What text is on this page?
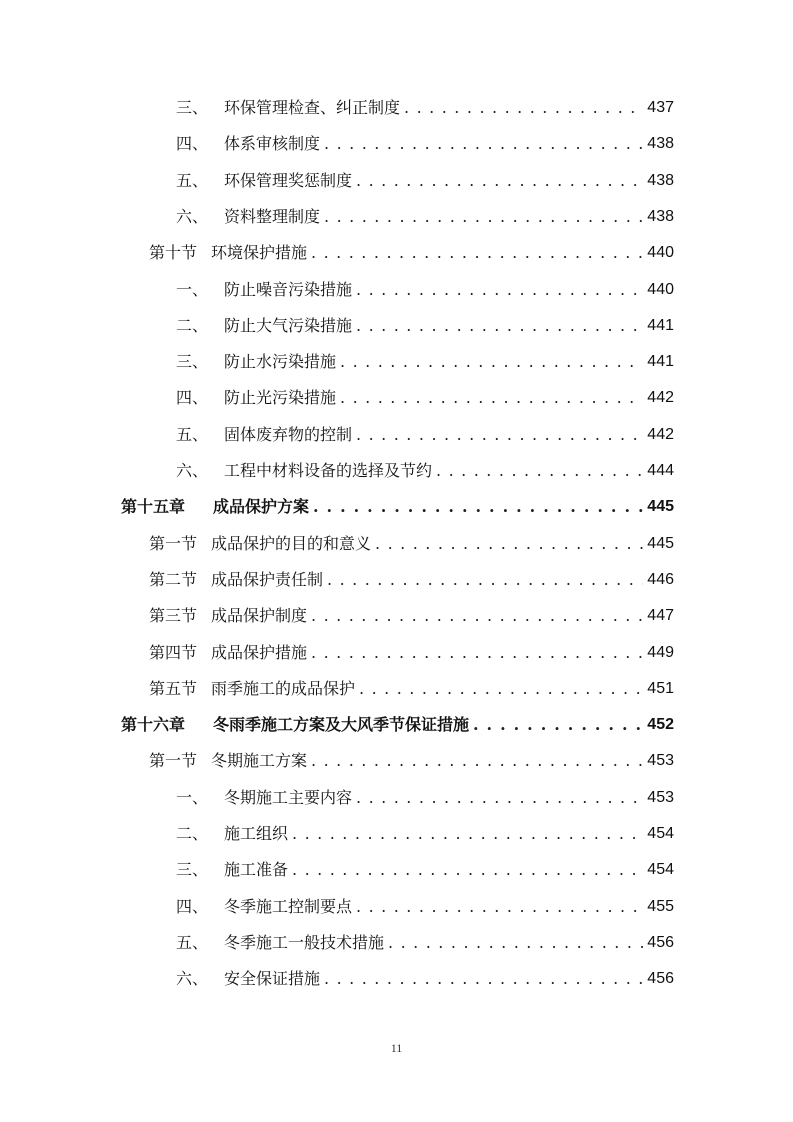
三、 环保管理检查、纠正制度 . . .	437
四、 体系审核制度 . . .	438
五、 环保管理奖惩制度 . . .	438
六、 资料整理制度 . . .	438
第十节 环境保护措施 . . .	440
一、 防止噪音污染措施 . . .	440
二、 防止大气污染措施 . . .	441
三、 防止水污染措施 . . .	441
四、 防止光污染措施 . . .	442
五、 固体废弃物的控制 . . .	442
六、 工程中材料设备的选择及节约 . . .	444
第十五章	成品保护方案 . . .	445
第一节 成品保护的目的和意义 . . .	445
第二节 成品保护责任制 . . .	446
第三节 成品保护制度 . . .	447
第四节 成品保护措施 . . .	449
第五节 雨季施工的成品保护 . . .	451
第十六章	冬雨季施工方案及大风季节保证措施 . . .	452
第一节 冬期施工方案 . . .	453
一、 冬期施工主要内容 . . .	453
二、 施工组织 . . .	454
三、 施工准备 . . .	454
四、 冬季施工控制要点 . . .	455
五、 冬季施工一般技术措施 . . .	456
六、 安全保证措施 . . .	456
11
